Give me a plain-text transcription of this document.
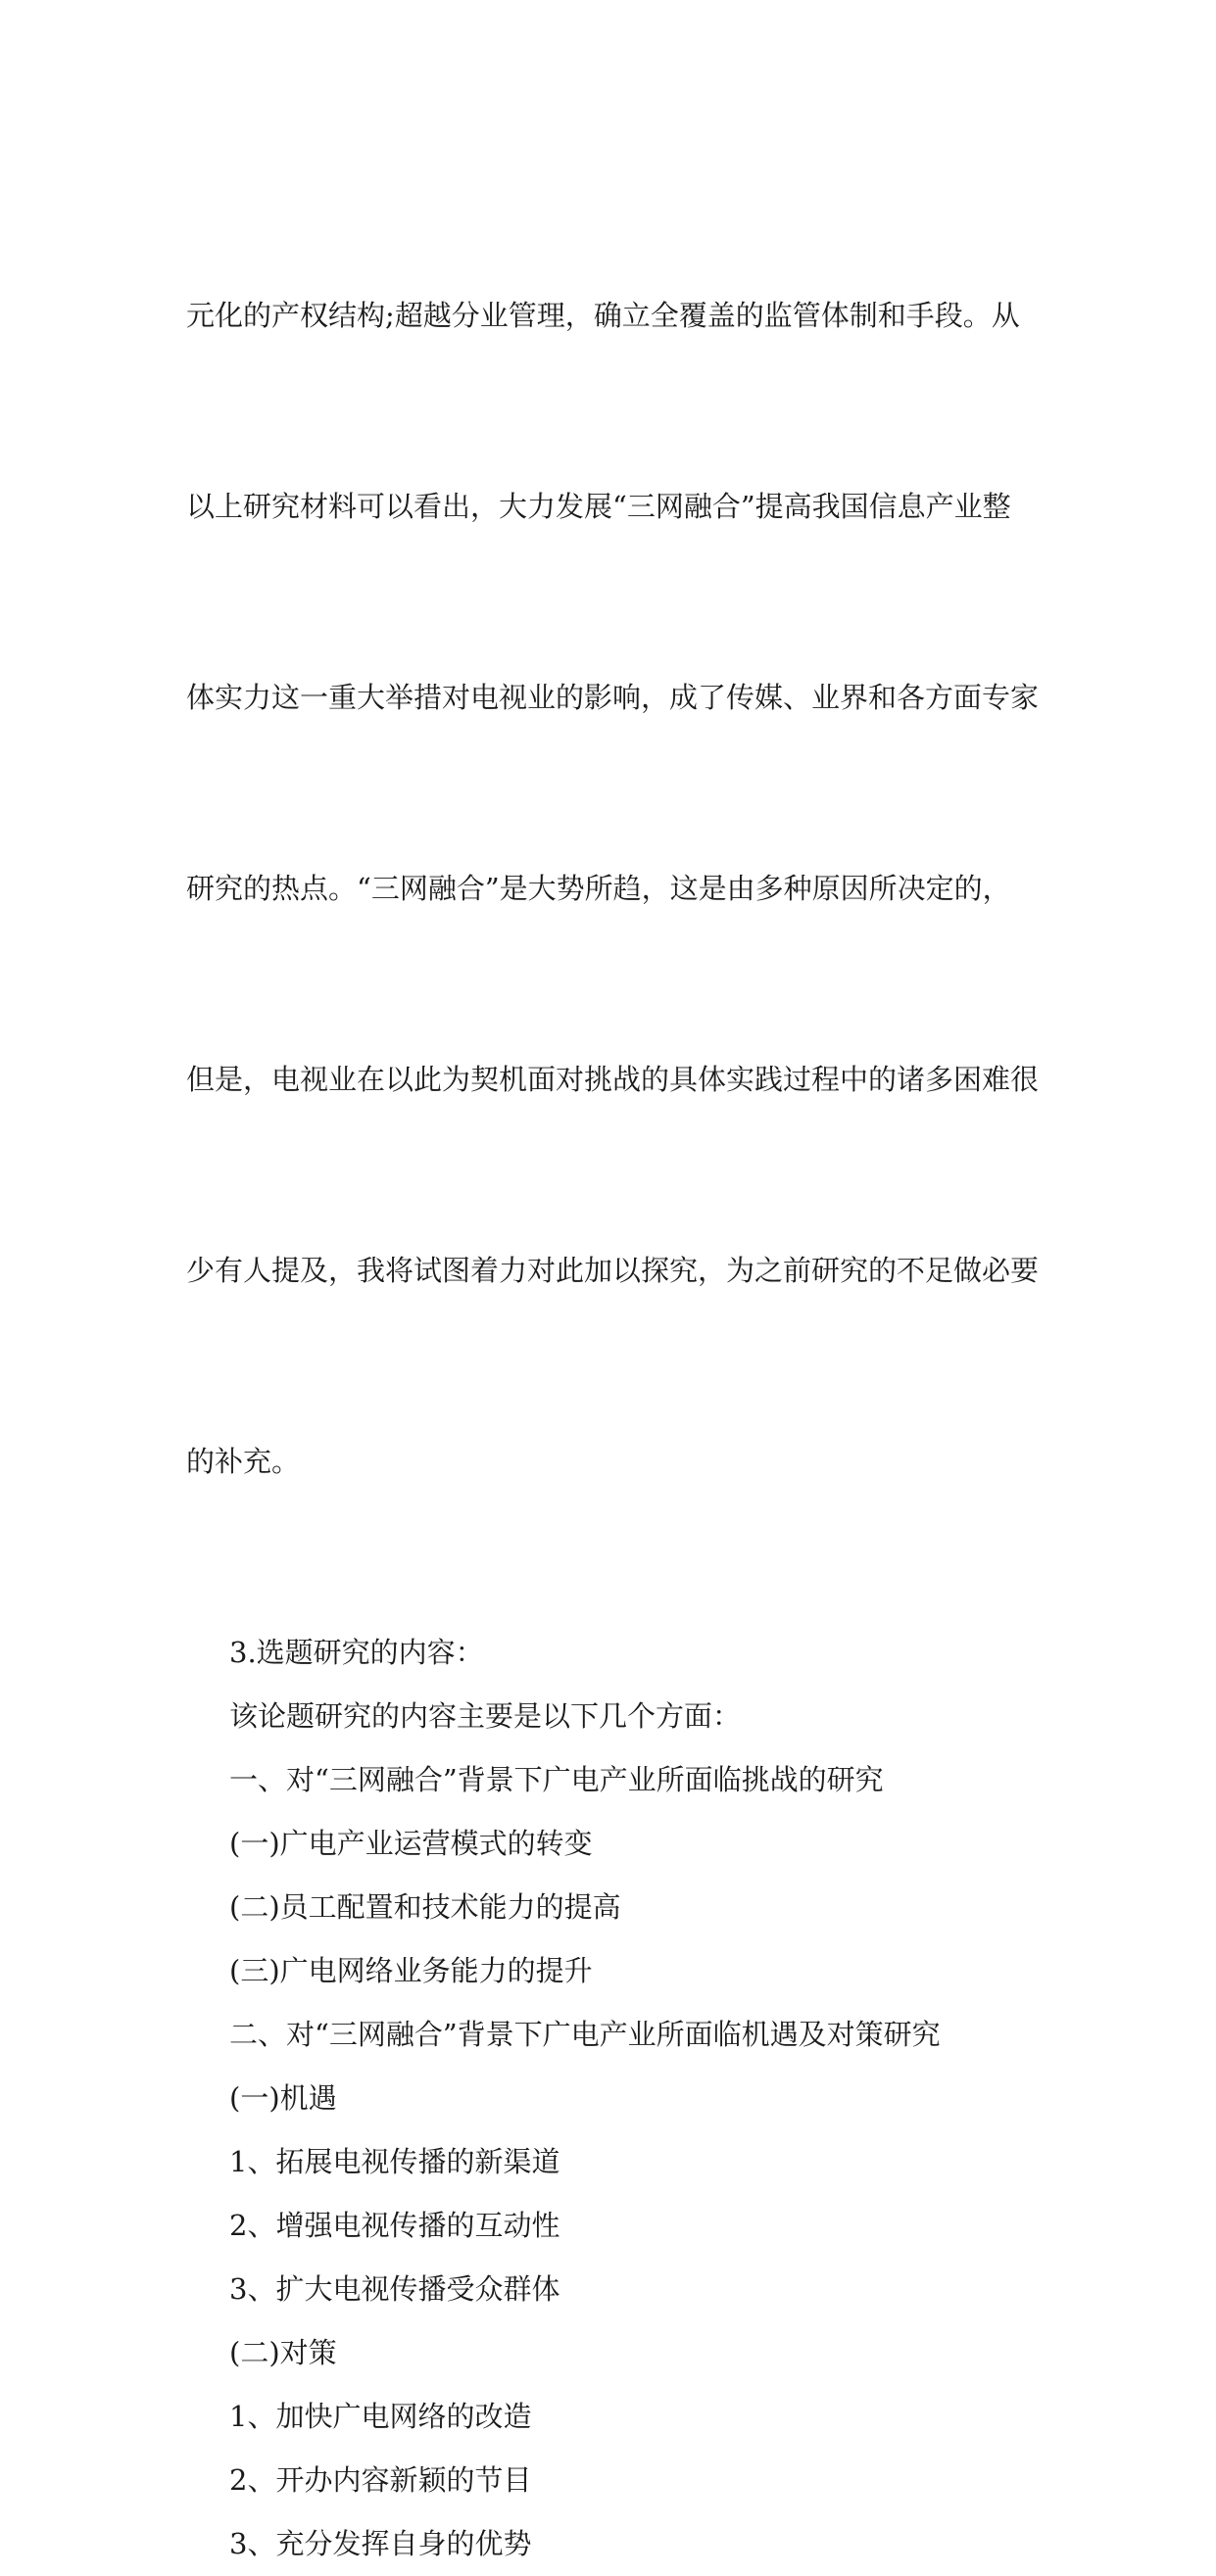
元化的产权结构;超越分业管理，确立全覆盖的监管体制和手段。从

以上研究材料可以看出，大力发展“三网融合”提高我国信息产业整

体实力这一重大举措对电视业的影响，成了传媒、业界和各方面专家

研究的热点。“三网融合”是大势所趋，这是由多种原因所决定的，

但是，电视业在以此为契机面对挑战的具体实践过程中的诸多困难很

少有人提及，我将试图着力对此加以探究，为之前研究的不足做必要

的补充。

3.选题研究的内容：
该论题研究的内容主要是以下几个方面：
一、对“三网融合”背景下广电产业所面临挑战的研究
(一)广电产业运营模式的转变
(二)员工配置和技术能力的提高
(三)广电网络业务能力的提升
二、对“三网融合”背景下广电产业所面临机遇及对策研究
(一)机遇
1、拓展电视传播的新渠道
2、增强电视传播的互动性
3、扩大电视传播受众群体
(二)对策
1、加快广电网络的改造
2、开办内容新颖的节目
3、充分发挥自身的优势
